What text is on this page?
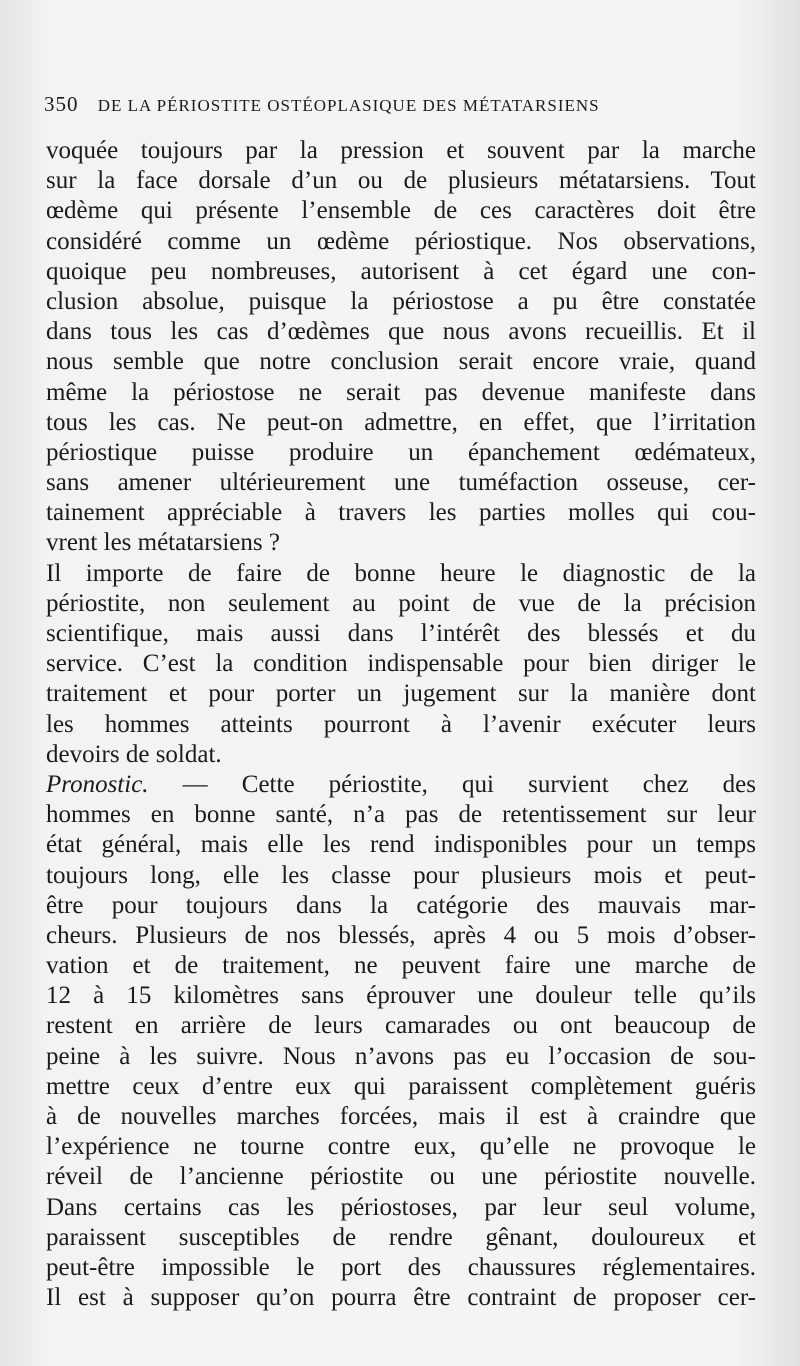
350 DE LA PÉRIOSTITE OSTÉOPLASIQUE DES MÉTATARSIENS
voquée toujours par la pression et souvent par la marche
sur la face dorsale d’un ou de plusieurs métatarsiens. Tout
œdème qui présente l’ensemble de ces caractères doit être
considéré comme un œdème périostique. Nos observations,
quoique peu nombreuses, autorisent à cet égard une con-
clusion absolue, puisque la périostose a pu être constatée
dans tous les cas d’œdèmes que nous avons recueillis. Et il
nous semble que notre conclusion serait encore vraie, quand
même la périostose ne serait pas devenue manifeste dans
tous les cas. Ne peut-on admettre, en effet, que l’irritation
périostique puisse produire un épanchement œdémateux,
sans amener ultérieurement une tuméfaction osseuse, cer-
tainement appréciable à travers les parties molles qui cou-
vrent les métatarsiens ?
Il importe de faire de bonne heure le diagnostic de la
périostite, non seulement au point de vue de la précision
scientifique, mais aussi dans l’intérêt des blessés et du
service. C’est la condition indispensable pour bien diriger le
traitement et pour porter un jugement sur la manière dont
les hommes atteints pourront à l’avenir exécuter leurs
devoirs de soldat.
Pronostic. — Cette périostite, qui survient chez des
hommes en bonne santé, n’a pas de retentissement sur leur
état général, mais elle les rend indisponibles pour un temps
toujours long, elle les classe pour plusieurs mois et peut-
être pour toujours dans la catégorie des mauvais mar-
cheurs. Plusieurs de nos blessés, après 4 ou 5 mois d’obser-
vation et de traitement, ne peuvent faire une marche de
12 à 15 kilomètres sans éprouver une douleur telle qu’ils
restent en arrière de leurs camarades ou ont beaucoup de
peine à les suivre. Nous n’avons pas eu l’occasion de sou-
mettre ceux d’entre eux qui paraissent complètement guéris
à de nouvelles marches forcées, mais il est à craindre que
l’expérience ne tourne contre eux, qu’elle ne provoque le
réveil de l’ancienne périostite ou une périostite nouvelle.
Dans certains cas les périostoses, par leur seul volume,
paraissent susceptibles de rendre gênant, douloureux et
peut-être impossible le port des chaussures réglementaires.
Il est à supposer qu’on pourra être contraint de proposer cer-
